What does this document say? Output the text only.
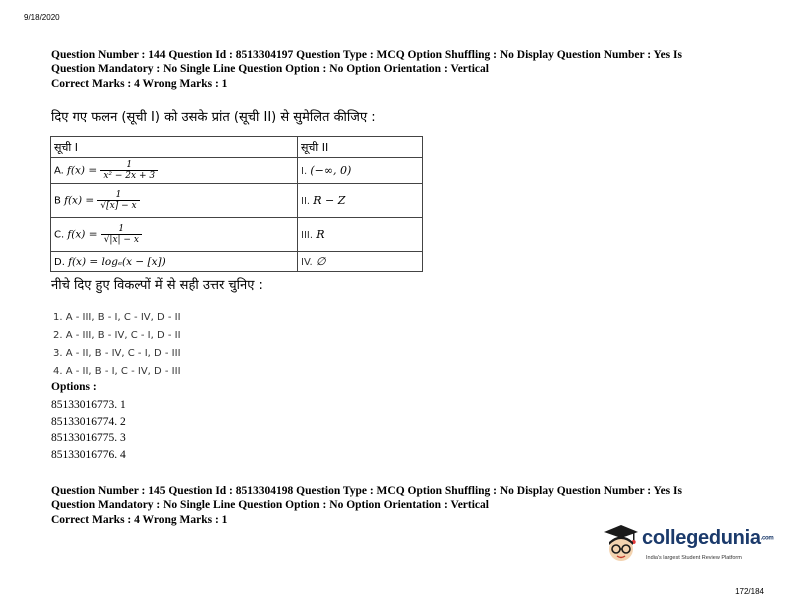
9/18/2020
Question Number : 144 Question Id : 8513304197 Question Type : MCQ Option Shuffling : No Display Question Number : Yes Is
Question Mandatory : No Single Line Question Option : No Option Orientation : Vertical
Correct Marks : 4 Wrong Marks : 1
दिए गए फलन (सूची I) को उसके प्रांत (सूची II) से सुमेलित कीजिए :
सूची I	सूची II
A. $f(x) = \frac{1}{\text{x² − 2x + 3}}$	I. (−∞, 0)
B $f(x) = \frac{1}{√[x] - x}$	II. R − Z
C. $f(x) = \frac{1}{√|x| - x}$	III. R
D. f(x) = logₑ(x − [x])	IV. ∅
नीचे दिए हुए विकल्पों में से सही उत्तर चुनिए :
1. A - III, B - I, C - IV, D - II
2. A - III, B - IV, C - I, D - II
3. A - II, B - IV, C - I, D - III
4. A - II, B - I, C - IV, D - III
Options :
85133016773. 1
85133016774. 2
85133016775. 3
85133016776. 4
Question Number : 145 Question Id : 8513304198 Question Type : MCQ Option Shuffling : No Display Question Number : Yes Is
Question Mandatory : No Single Line Question Option : No Option Orientation : Vertical
Correct Marks : 4 Wrong Marks : 1
collegedunia.com
India's largest Student Review Platform
172/184
